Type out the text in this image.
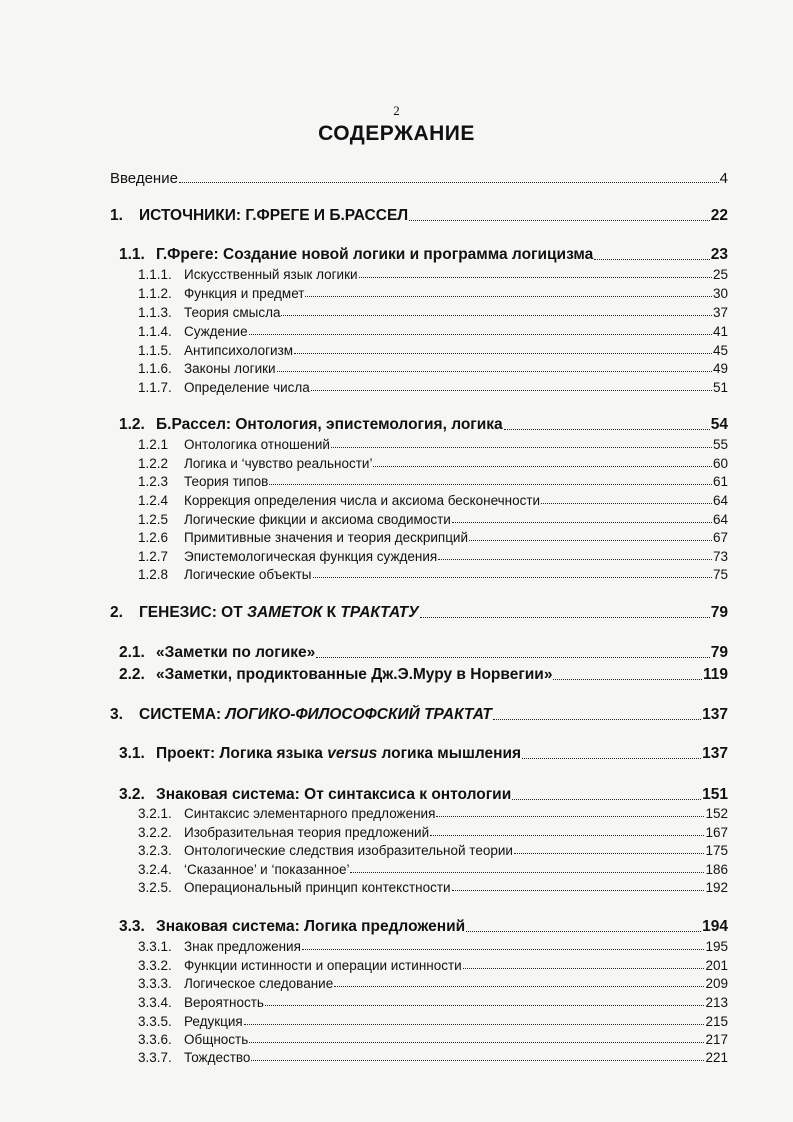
2
СОДЕРЖАНИЕ
Введение	4
1.	ИСТОЧНИКИ: Г.ФРЕГЕ И Б.РАССЕЛ	22
1.1. Г.Фреге: Создание новой логики и программа логицизма	23
1.1.1. Искусственный язык логики	25
1.1.2. Функция и предмет	30
1.1.3. Теория смысла	37
1.1.4. Суждение	41
1.1.5. Антипсихологизм	45
1.1.6. Законы логики	49
1.1.7. Определение числа	51
1.2. Б.Рассел: Онтология, эпистемология, логика	54
1.2.1	Онтологика отношений	55
1.2.2	Логика и ‘чувство реальности’	60
1.2.3	Теория типов	61
1.2.4	Коррекция определения числа и аксиома бесконечности	64
1.2.5	Логические фикции и аксиома сводимости	64
1.2.6	Примитивные значения и теория дескрипций	67
1.2.7	Эпистемологическая функция суждения	73
1.2.8	Логические объекты	75
2.	ГЕНЕЗИС: ОТ ЗАМЕТОК К ТРАКТАТУ	79
2.1. «Заметки по логике»	79
2.2. «Заметки, продиктованные Дж.Э.Муру в Норвегии»	119
3.	СИСТЕМА: ЛОГИКО-ФИЛОСОФСКИЙ ТРАКТАТ	137
3.1. Проект: Логика языка versus логика мышления	137
3.2. Знаковая система: От синтаксиса к онтологии	151
3.2.1. Синтаксис элементарного предложения	152
3.2.2. Изобразительная теория предложений	167
3.2.3. Онтологические следствия изобразительной теории	175
3.2.4. ‘Сказанное’ и ‘показанное’	186
3.2.5. Операциональный принцип контекстности	192
3.3. Знаковая система: Логика предложений	194
3.3.1. Знак предложения	195
3.3.2. Функции истинности и операции истинности	201
3.3.3. Логическое следование	209
3.3.4. Вероятность	213
3.3.5. Редукция	215
3.3.6. Общность	217
3.3.7. Тождество	221
